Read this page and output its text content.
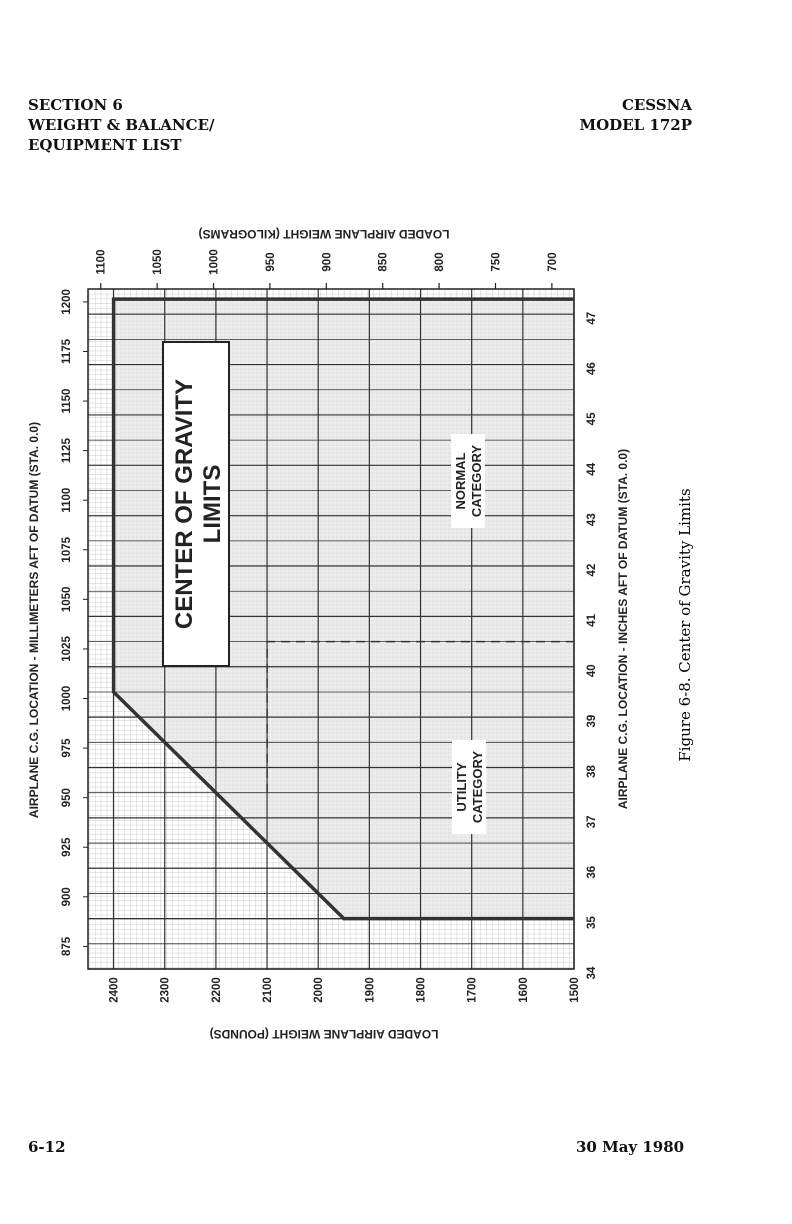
SECTION 6
WEIGHT & BALANCE/
EQUIPMENT LIST
CESSNA
MODEL 172P
1500
1600
1700
1800
1900
2000
2100
2200
2300
2400
700
750
800
850
900
950
1000
1050
1100
34
35
36
37
38
39
40
41
42
43
44
45
46
47
875
900
925
950
975
1000
1025
1050
1075
1100
1125
1150
1175
1200
LOADED AIRPLANE WEIGHT (POUNDS)
LOADED AIRPLANE WEIGHT (KILOGRAMS)
AIRPLANE C.G. LOCATION - INCHES AFT OF DATUM (STA. 0.0)
AIRPLANE C.G. LOCATION - MILLIMETERS AFT OF DATUM (STA. 0.0)	CENTER OF GRAVITY LIMITS	NORMAL CATEGORY
UTILITY CATEGORY
Figure 6-8. Center of Gravity Limits
6-12	30 May 1980
